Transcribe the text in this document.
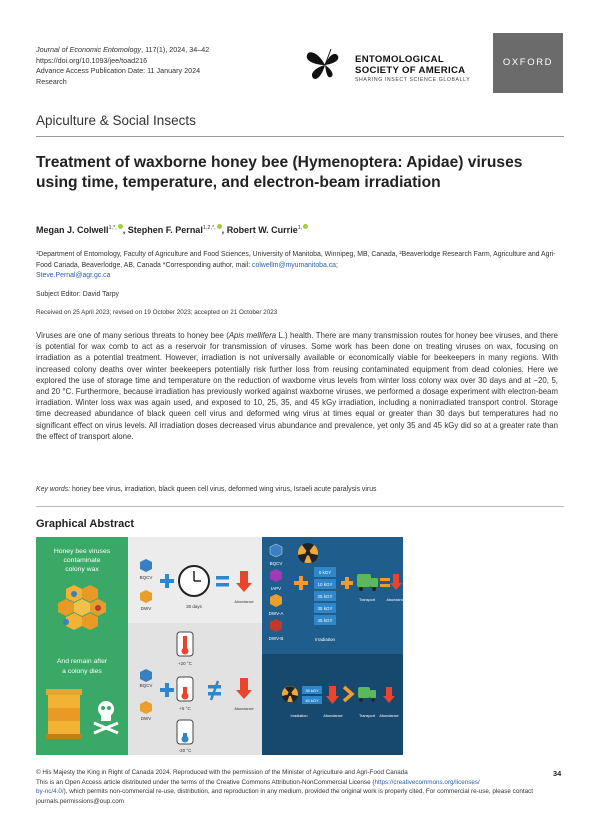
Journal of Economic Entomology, 117(1), 2024, 34–42
https://doi.org/10.1093/jee/toad216
Advance Access Publication Date: 11 January 2024
Research
ENTOMOLOGICAL
SOCIETY OF AMERICA
SHARING INSECT SCIENCE GLOBALLY
OXFORD
Apiculture & Social Insects
Treatment of waxborne honey bee (Hymenoptera: Apidae) viruses using time, temperature, and electron-beam irradiation
Megan J. Colwell$^{1,*,}$ , Stephen F. Pernal$^{1,2,*,}$ , Robert W. Currie$^{1,}$
¹Department of Entomology, Faculty of Agriculture and Food Sciences, University of Manitoba, Winnipeg, MB, Canada, ²Beaverlodge Research Farm, Agriculture and Agri-Food Canada, Beaverlodge, AB, Canada *Corresponding author, mail: colwellm@myumanitoba.ca;
Steve.Pernal@agr.gc.ca
Subject Editor: David Tarpy
Received on 25 April 2023; revised on 19 October 2023; accepted on 21 October 2023
Viruses are one of many serious threats to honey bee (Apis mellifera L.) health. There are many transmission routes for honey bee viruses, and there is potential for wax comb to act as a reservoir for transmission of viruses. Some work has been done on treating viruses on wax, focusing on irradiation as a potential treatment. However, irradiation is not universally available or economically viable for beekeepers in many regions. With increased colony deaths over winter beekeepers potentially risk further loss from reusing contaminated equipment from dead colonies. Here we explored the use of storage time and temperature on the reduction of waxborne virus levels from winter loss colony wax over 30 days and at −20, 5, and 20 °C. Furthermore, because irradiation has previously worked against waxborne viruses, we performed a dosage experiment with electron-beam irradiation. Winter loss wax was again used, and exposed to 10, 25, 35, and 45 kGy irradiation, including a nonirradiated transport control. Storage time decreased abundance of black queen cell virus and deformed wing virus at times equal or greater than 30 days but temperatures had no significant effect on virus levels. All irradiation doses decreased virus abundance and prevalence, yet only 35 and 45 kGy did so at a greater rate than the effect of transport alone.
Key words: honey bee virus, irradiation, black queen cell virus, deformed wing virus, Israeli acute paralysis virus
Graphical Abstract
Honey bee viruses
contaminate
colony wax
And remain after
a colony dies
BQCV
DWV	30 days
Abundance
BQCV
DWV
+20 °C
+5 °C
-20 °C
Abundance
BQCV
IAPV
DWV-A
DWV-B
0 kGY
10 kGY
25 kGY
35 kGY
45 kGY
Irradiation
Transport	Abundance
35 kGY
45 kGY
Irradiation	Abundance	Transport Abundance
© His Majesty the King in Right of Canada 2024. Reproduced with the permission of the Minister of Agriculture and Agri-Food Canada
This is an Open Access article distributed under the terms of the Creative Commons Attribution-NonCommercial License (https://creativecommons.org/licenses/
by-nc/4.0/), which permits non-commercial re-use, distribution, and reproduction in any medium, provided the original work is properly cited. For commercial re-use, please contact journals.permissions@oup.com
34
